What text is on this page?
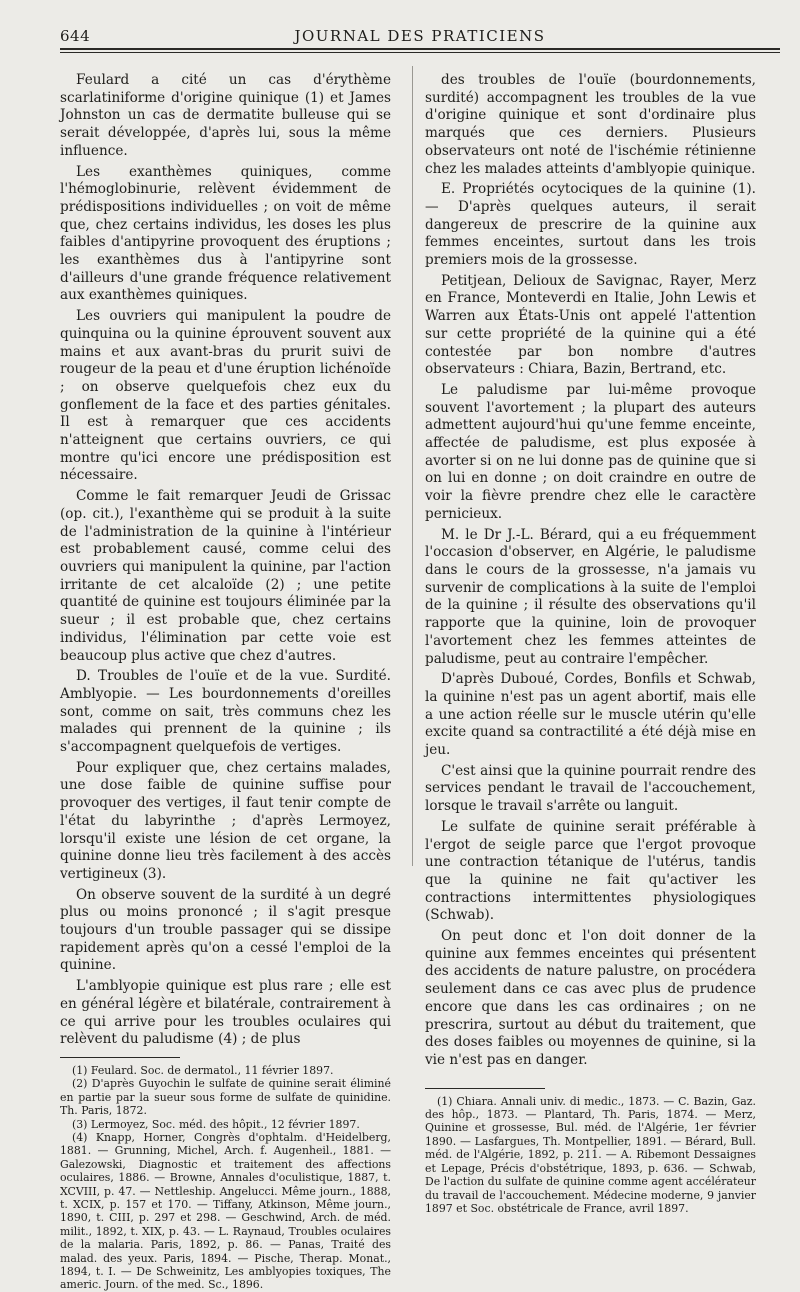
644	JOURNAL DES PRATICIENS

Feulard a cité un cas d'érythème scarlatiniforme d'origine quinique (1) et James Johnston un cas de dermatite bulleuse qui se serait développée, d'après lui, sous la même influence.

Les exanthèmes quiniques, comme l'hémoglobinurie, relèvent évidemment de prédispositions individuelles ; on voit de même que, chez certains individus, les doses les plus faibles d'antipyrine provoquent des éruptions ; les exanthèmes dus à l'antipyrine sont d'ailleurs d'une grande fréquence relativement aux exanthèmes quiniques.

Les ouvriers qui manipulent la poudre de quinquina ou la quinine éprouvent souvent aux mains et aux avant-bras du prurit suivi de rougeur de la peau et d'une éruption lichénoïde ; on observe quelquefois chez eux du gonflement de la face et des parties génitales. Il est à remarquer que ces accidents n'atteignent que certains ouvriers, ce qui montre qu'ici encore une prédisposition est nécessaire.

Comme le fait remarquer Jeudi de Grissac (op. cit.), l'exanthème qui se produit à la suite de l'administration de la quinine à l'intérieur est probablement causé, comme celui des ouvriers qui manipulent la quinine, par l'action irritante de cet alcaloïde (2) ; une petite quantité de quinine est toujours éliminée par la sueur ; il est probable que, chez certains individus, l'élimination par cette voie est beaucoup plus active que chez d'autres.

D. Troubles de l'ouïe et de la vue. Surdité. Amblyopie. — Les bourdonnements d'oreilles sont, comme on sait, très communs chez les malades qui prennent de la quinine ; ils s'accompagnent quelquefois de vertiges.

Pour expliquer que, chez certains malades, une dose faible de quinine suffise pour provoquer des vertiges, il faut tenir compte de l'état du labyrinthe ; d'après Lermoyez, lorsqu'il existe une lésion de cet organe, la quinine donne lieu très facilement à des accès vertigineux (3).

On observe souvent de la surdité à un degré plus ou moins prononcé ; il s'agit presque toujours d'un trouble passager qui se dissipe rapidement après qu'on a cessé l'emploi de la quinine.

L'amblyopie quinique est plus rare ; elle est en général légère et bilatérale, contrairement à ce qui arrive pour les troubles oculaires qui relèvent du paludisme (4) ; de plus

(1) Feulard. Soc. de dermatol., 11 février 1897.

(2) D'après Guyochin le sulfate de quinine serait éliminé en partie par la sueur sous forme de sulfate de quinidine. Th. Paris, 1872.

(3) Lermoyez, Soc. méd. des hôpit., 12 février 1897.

(4) Knapp, Horner, Congrès d'ophtalm. d'Heidelberg, 1881. — Grunning, Michel, Arch. f. Augenheil., 1881. — Galezowski, Diagnostic et traitement des affections oculaires, 1886. — Browne, Annales d'oculistique, 1887, t. XCVIII, p. 47. — Nettleship. Angelucci. Même journ., 1888, t. XCIX, p. 157 et 170. — Tiffany, Atkinson, Même journ., 1890, t. CIII, p. 297 et 298. — Geschwind, Arch. de méd. milit., 1892, t. XIX, p. 43. — L. Raynaud, Troubles oculaires de la malaria. Paris, 1892, p. 86. — Panas, Traité des malad. des yeux. Paris, 1894. — Pische, Therap. Monat., 1894, t. I. — De Schweinitz, Les amblyopies toxiques, The americ. Journ. of the med. Sc., 1896.

des troubles de l'ouïe (bourdonnements, surdité) accompagnent les troubles de la vue d'origine quinique et sont d'ordinaire plus marqués que ces derniers. Plusieurs observateurs ont noté de l'ischémie rétinienne chez les malades atteints d'amblyopie quinique.

E. Propriétés ocytociques de la quinine (1). — D'après quelques auteurs, il serait dangereux de prescrire de la quinine aux femmes enceintes, surtout dans les trois premiers mois de la grossesse.

Petitjean, Delioux de Savignac, Rayer, Merz en France, Monteverdi en Italie, John Lewis et Warren aux États-Unis ont appelé l'attention sur cette propriété de la quinine qui a été contestée par bon nombre d'autres observateurs : Chiara, Bazin, Bertrand, etc.

Le paludisme par lui-même provoque souvent l'avortement ; la plupart des auteurs admettent aujourd'hui qu'une femme enceinte, affectée de paludisme, est plus exposée à avorter si on ne lui donne pas de quinine que si on lui en donne ; on doit craindre en outre de voir la fièvre prendre chez elle le caractère pernicieux.

M. le Dr J.-L. Bérard, qui a eu fréquemment l'occasion d'observer, en Algérie, le paludisme dans le cours de la grossesse, n'a jamais vu survenir de complications à la suite de l'emploi de la quinine ; il résulte des observations qu'il rapporte que la quinine, loin de provoquer l'avortement chez les femmes atteintes de paludisme, peut au contraire l'empêcher.

D'après Duboué, Cordes, Bonfils et Schwab, la quinine n'est pas un agent abortif, mais elle a une action réelle sur le muscle utérin qu'elle excite quand sa contractilité a été déjà mise en jeu.

C'est ainsi que la quinine pourrait rendre des services pendant le travail de l'accouchement, lorsque le travail s'arrête ou languit.

Le sulfate de quinine serait préférable à l'ergot de seigle parce que l'ergot provoque une contraction tétanique de l'utérus, tandis que la quinine ne fait qu'activer les contractions intermittentes physiologiques (Schwab).

On peut donc et l'on doit donner de la quinine aux femmes enceintes qui présentent des accidents de nature palustre, on procédera seulement dans ce cas avec plus de prudence encore que dans les cas ordinaires ; on ne prescrira, surtout au début du traitement, que des doses faibles ou moyennes de quinine, si la vie n'est pas en danger.

(1) Chiara. Annali univ. di medic., 1873. — C. Bazin, Gaz. des hôp., 1873. — Plantard, Th. Paris, 1874. — Merz, Quinine et grossesse, Bul. méd. de l'Algérie, 1er février 1890. — Lasfargues, Th. Montpellier, 1891. — Bérard, Bull. méd. de l'Algérie, 1892, p. 211. — A. Ribemont Dessaignes et Lepage, Précis d'obstétrique, 1893, p. 636. — Schwab, De l'action du sulfate de quinine comme agent accélérateur du travail de l'accouchement. Médecine moderne, 9 janvier 1897 et Soc. obstétricale de France, avril 1897.
